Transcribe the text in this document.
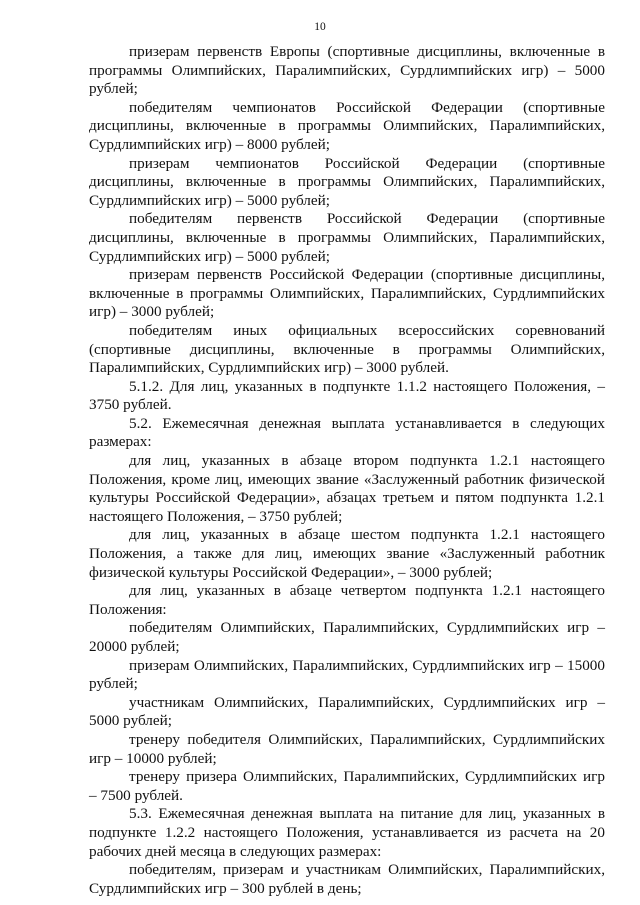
10

призерам первенств Европы (спортивные дисциплины, включенные в программы Олимпийских, Паралимпийских, Сурдлимпийских игр) – 5000 рублей;

победителям чемпионатов Российской Федерации (спортивные дисциплины, включенные в программы Олимпийских, Паралимпийских, Сурдлимпийских игр) – 8000 рублей;

призерам чемпионатов Российской Федерации (спортивные дисциплины, включенные в программы Олимпийских, Паралимпийских, Сурдлимпийских игр) – 5000 рублей;

победителям первенств Российской Федерации (спортивные дисциплины, включенные в программы Олимпийских, Паралимпийских, Сурдлимпийских игр) – 5000 рублей;

призерам первенств Российской Федерации (спортивные дисциплины, включенные в программы Олимпийских, Паралимпийских, Сурдлимпийских игр) – 3000 рублей;

победителям иных официальных всероссийских соревнований (спортивные дисциплины, включенные в программы Олимпийских, Паралимпийских, Сурдлимпийских игр) – 3000 рублей.

5.1.2. Для лиц, указанных в подпункте 1.1.2 настоящего Положения, – 3750 рублей.

5.2. Ежемесячная денежная выплата устанавливается в следующих размерах:

для лиц, указанных в абзаце втором подпункта 1.2.1 настоящего Положения, кроме лиц, имеющих звание «Заслуженный работник физической культуры Российской Федерации», абзацах третьем и пятом подпункта 1.2.1 настоящего Положения, – 3750 рублей;

для лиц, указанных в абзаце шестом подпункта 1.2.1 настоящего Положения, а также для лиц, имеющих звание «Заслуженный работник физической культуры Российской Федерации», – 3000 рублей;

для лиц, указанных в абзаце четвертом подпункта 1.2.1 настоящего Положения:

победителям Олимпийских, Паралимпийских, Сурдлимпийских игр – 20000 рублей;

призерам Олимпийских, Паралимпийских, Сурдлимпийских игр – 15000 рублей;

участникам Олимпийских, Паралимпийских, Сурдлимпийских игр – 5000 рублей;

тренеру победителя Олимпийских, Паралимпийских, Сурдлимпийских игр – 10000 рублей;

тренеру призера Олимпийских, Паралимпийских, Сурдлимпийских игр – 7500 рублей.

5.3. Ежемесячная денежная выплата на питание для лиц, указанных в подпункте 1.2.2 настоящего Положения, устанавливается из расчета на 20 рабочих дней месяца в следующих размерах:

победителям, призерам и участникам Олимпийских, Паралимпийских, Сурдлимпийских игр – 300 рублей в день;
